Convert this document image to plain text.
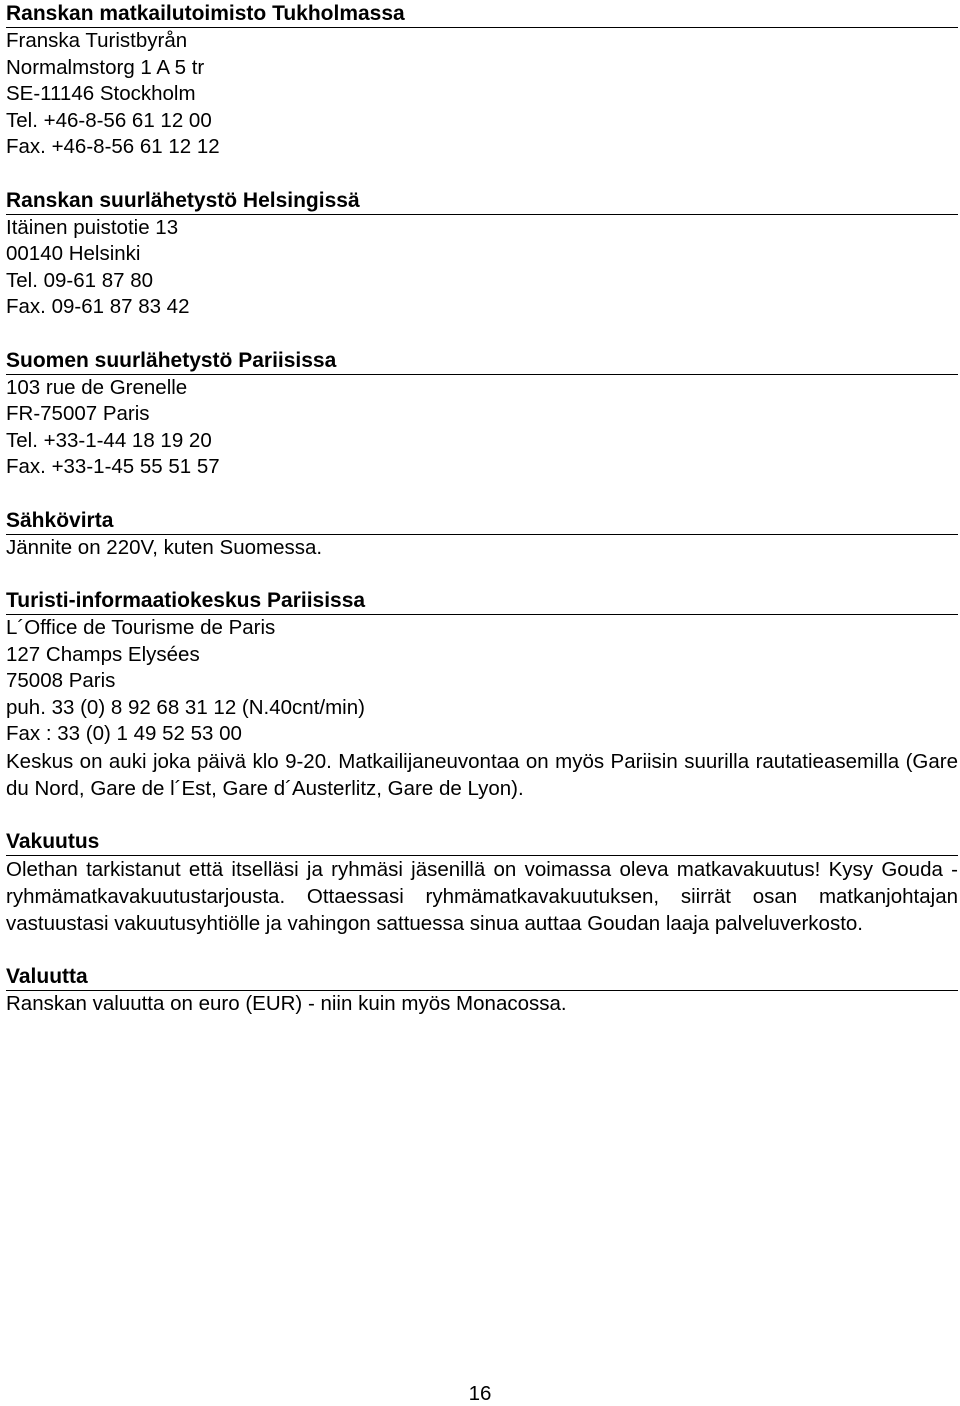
Ranskan matkailutoimisto Tukholmassa

Franska Turistbyrån

Normalmstorg 1 A 5 tr

SE-11146 Stockholm

Tel. +46-8-56 61 12 00

Fax. +46-8-56 61 12 12

Ranskan suurlähetystö Helsingissä

Itäinen puistotie 13

00140 Helsinki

Tel. 09-61 87 80

Fax. 09-61 87 83 42

Suomen suurlähetystö Pariisissa

103 rue de Grenelle

FR-75007 Paris

Tel. +33-1-44 18 19 20

Fax. +33-1-45 55 51 57

Sähkövirta

Jännite on 220V, kuten Suomessa.

Turisti-informaatiokeskus Pariisissa

L´Office de Tourisme de Paris

127 Champs Elysées

75008 Paris

puh. 33 (0) 8 92 68 31 12 (N.40cnt/min)

Fax : 33 (0) 1 49 52 53 00

Keskus on auki joka päivä klo 9-20. Matkailijaneuvontaa on myös Pariisin suurilla rautatieasemilla (Gare du Nord, Gare de l´Est, Gare d´Austerlitz, Gare de Lyon).

Vakuutus

Olethan tarkistanut että itselläsi ja ryhmäsi jäsenillä on voimassa oleva matkavakuutus! Kysy Gouda - ryhmämatkavakuutustarjousta. Ottaessasi ryhmämatkavakuutuksen, siirrät osan matkanjohtajan vastuustasi vakuutusyhtiölle ja vahingon sattuessa sinua auttaa Goudan laaja palveluverkosto.

Valuutta

Ranskan valuutta on euro (EUR) - niin kuin myös Monacossa.

16
